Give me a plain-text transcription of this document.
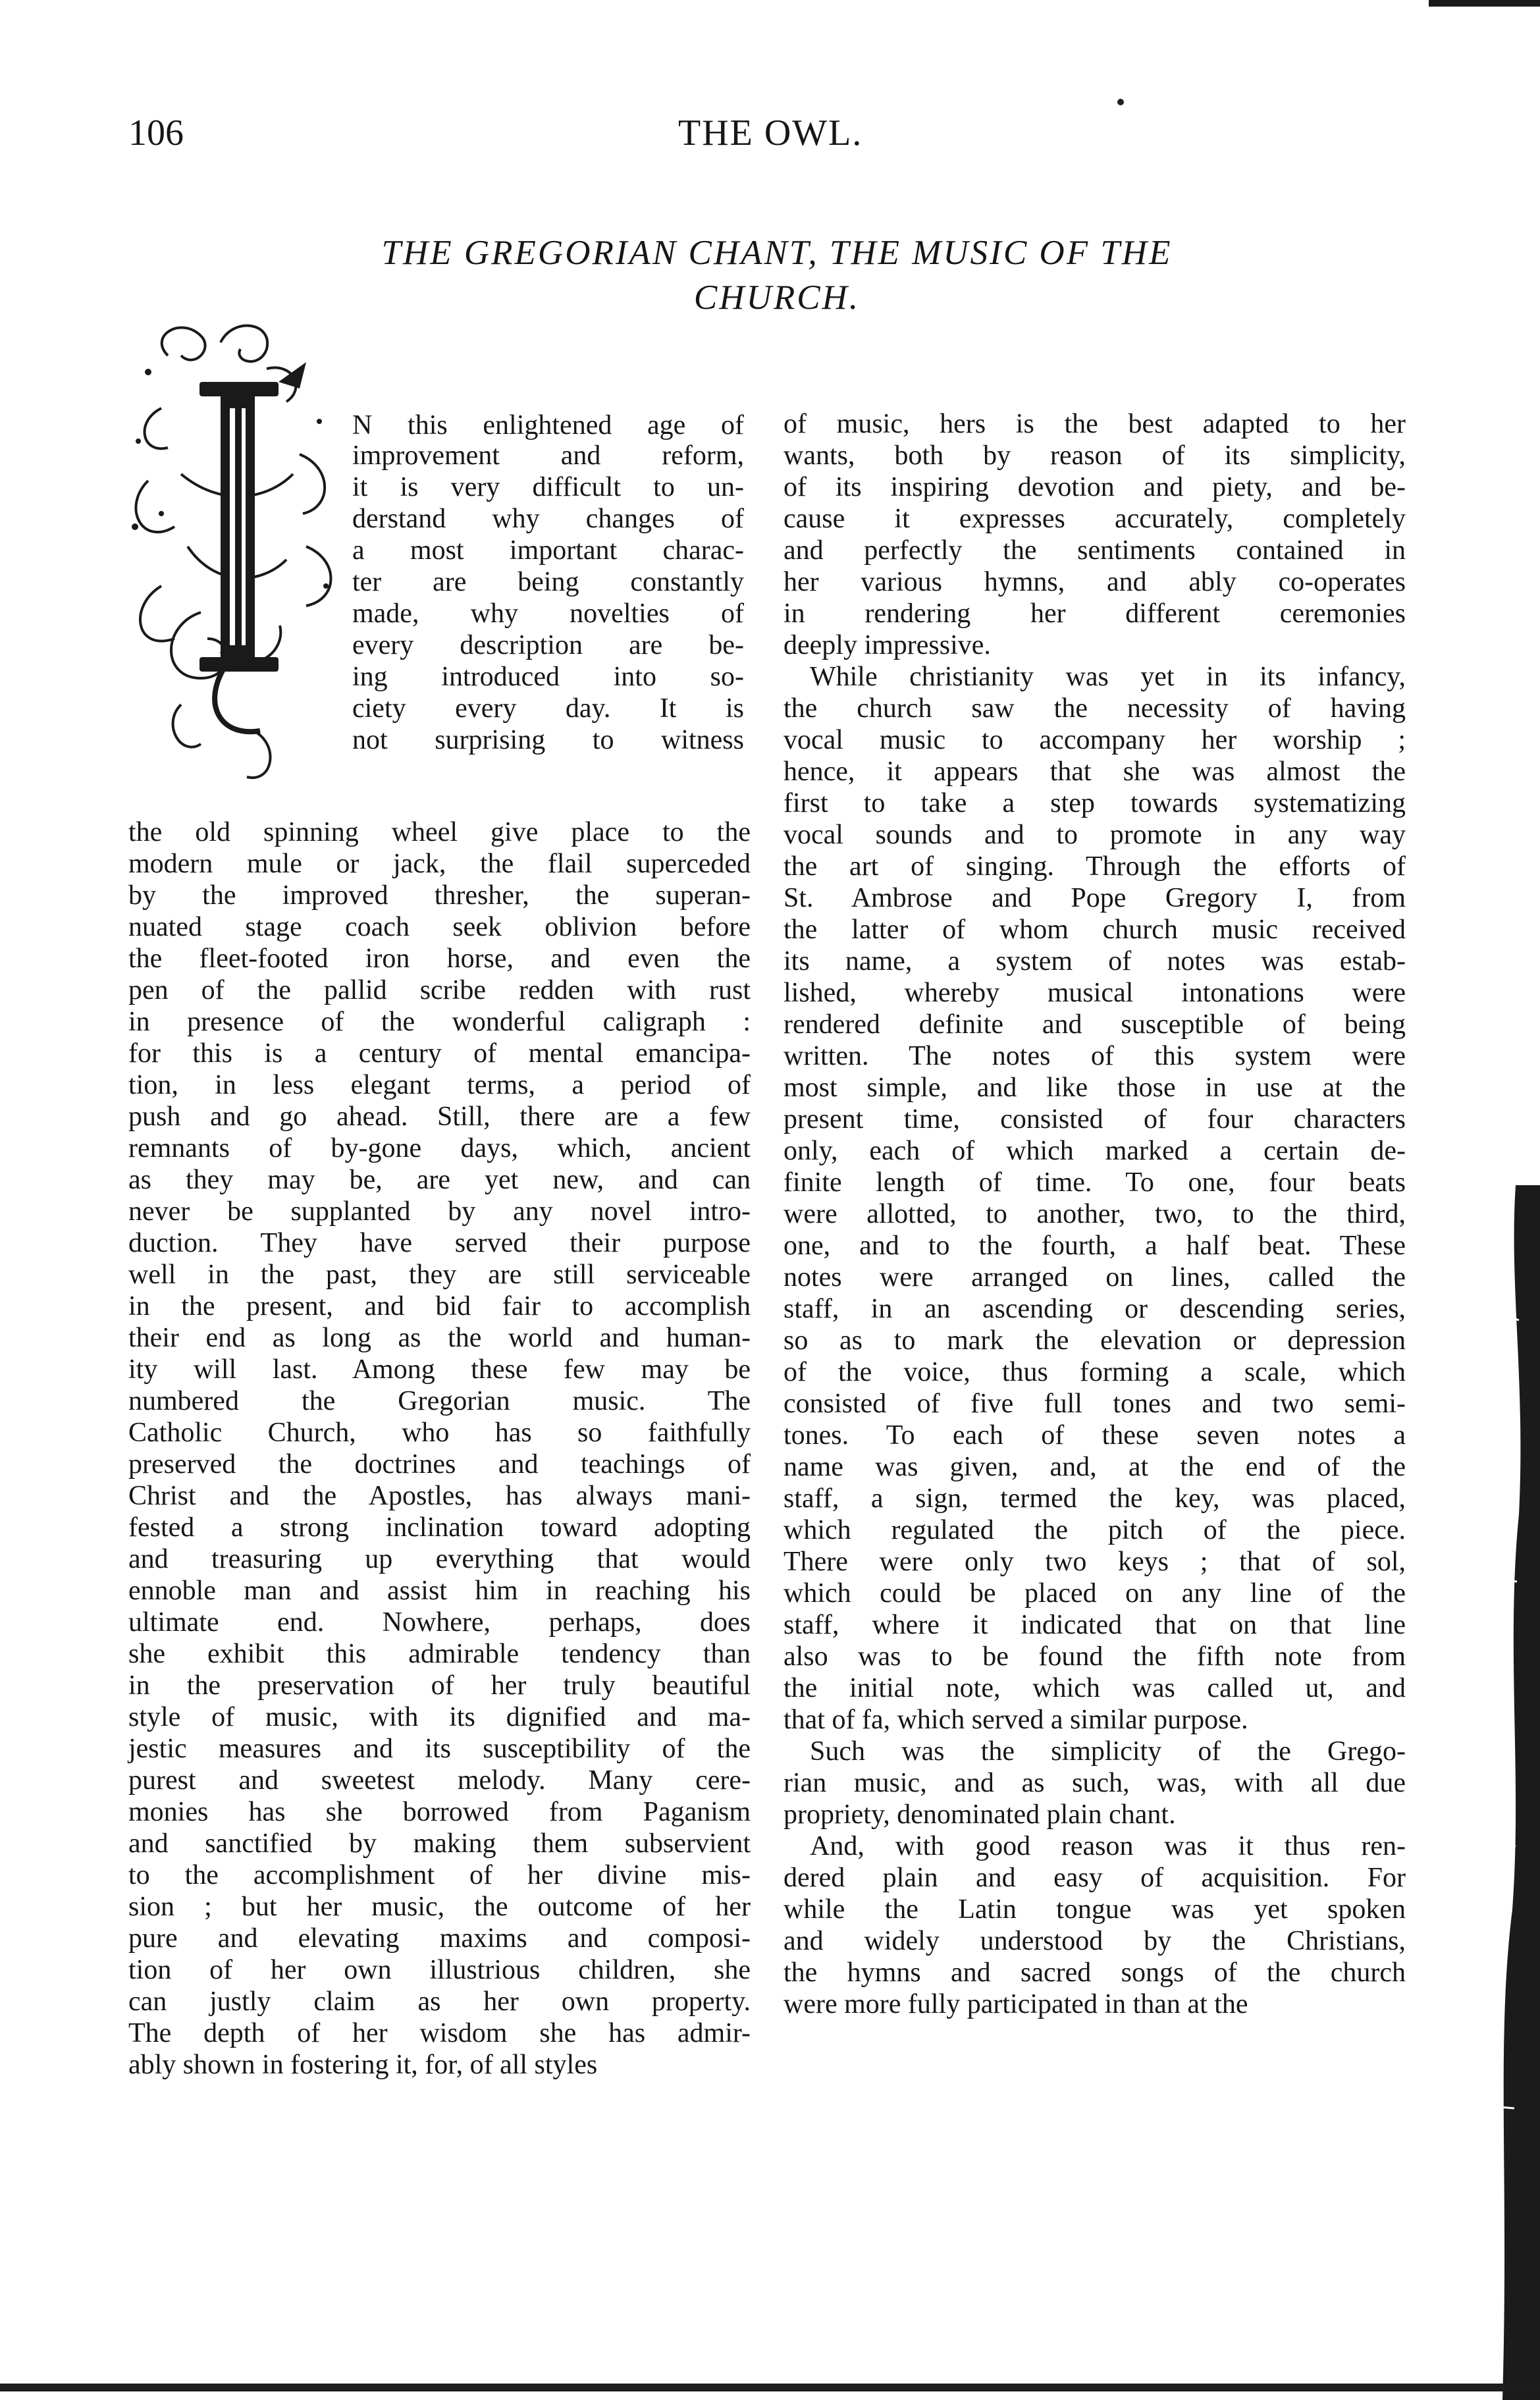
106	THE OWL.
THE GREGORIAN CHANT, THE MUSIC OF THE
CHURCH.
N this enlightened age of
improvement and reform,
it is very difficult to un-
derstand why changes of
a most important charac-
ter are being constantly
made, why novelties of
every description are be-
ing introduced into so-
ciety every day. It is
not surprising to witness
the old spinning wheel give place to the
modern mule or jack, the flail superceded
by the improved thresher, the superan-
nuated stage coach seek oblivion before
the fleet-footed iron horse, and even the
pen of the pallid scribe redden with rust
in presence of the wonderful caligraph :
for this is a century of mental emancipa-
tion, in less elegant terms, a period of
push and go ahead. Still, there are a few
remnants of by-gone days, which, ancient
as they may be, are yet new, and can
never be supplanted by any novel intro-
duction. They have served their purpose
well in the past, they are still serviceable
in the present, and bid fair to accomplish
their end as long as the world and human-
ity will last. Among these few may be
numbered the Gregorian music. The
Catholic Church, who has so faithfully
preserved the doctrines and teachings of
Christ and the Apostles, has always mani-
fested a strong inclination toward adopting
and treasuring up everything that would
ennoble man and assist him in reaching his
ultimate end. Nowhere, perhaps, does
she exhibit this admirable tendency than
in the preservation of her truly beautiful
style of music, with its dignified and ma-
jestic measures and its susceptibility of the
purest and sweetest melody. Many cere-
monies has she borrowed from Paganism
and sanctified by making them subservient
to the accomplishment of her divine mis-
sion ; but her music, the outcome of her
pure and elevating maxims and composi-
tion of her own illustrious children, she
can justly claim as her own property.
The depth of her wisdom she has admir-
ably shown in fostering it, for, of all styles
of music, hers is the best adapted to her
wants, both by reason of its simplicity,
of its inspiring devotion and piety, and be-
cause it expresses accurately, completely
and perfectly the sentiments contained in
her various hymns, and ably co-operates
in rendering her different ceremonies
deeply impressive.
While christianity was yet in its infancy,
the church saw the necessity of having
vocal music to accompany her worship ;
hence, it appears that she was almost the
first to take a step towards systematizing
vocal sounds and to promote in any way
the art of singing. Through the efforts of
St. Ambrose and Pope Gregory I, from
the latter of whom church music received
its name, a system of notes was estab-
lished, whereby musical intonations were
rendered definite and susceptible of being
written. The notes of this system were
most simple, and like those in use at the
present time, consisted of four characters
only, each of which marked a certain de-
finite length of time. To one, four beats
were allotted, to another, two, to the third,
one, and to the fourth, a half beat. These
notes were arranged on lines, called the
staff, in an ascending or descending series,
so as to mark the elevation or depression
of the voice, thus forming a scale, which
consisted of five full tones and two semi-
tones. To each of these seven notes a
name was given, and, at the end of the
staff, a sign, termed the key, was placed,
which regulated the pitch of the piece.
There were only two keys ; that of sol,
which could be placed on any line of the
staff, where it indicated that on that line
also was to be found the fifth note from
the initial note, which was called ut, and
that of fa, which served a similar purpose.
Such was the simplicity of the Grego-
rian music, and as such, was, with all due
propriety, denominated plain chant.
And, with good reason was it thus ren-
dered plain and easy of acquisition. For
while the Latin tongue was yet spoken
and widely understood by the Christians,
the hymns and sacred songs of the church
were more fully participated in than at the
